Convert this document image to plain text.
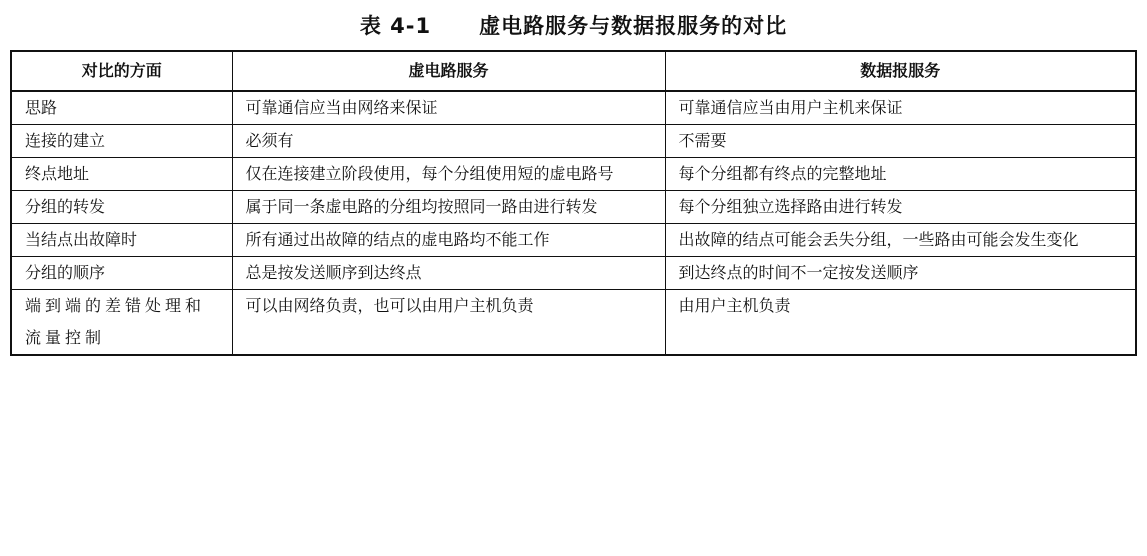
表 4-1 虚电路服务与数据报服务的对比
对比的方面	虚电路服务	数据报服务
思路	可靠通信应当由网络来保证	可靠通信应当由用户主机来保证
连接的建立	必须有	不需要
终点地址	仅在连接建立阶段使用，每个分组使用短的虚电路号	每个分组都有终点的完整地址
分组的转发	属于同一条虚电路的分组均按照同一路由进行转发	每个分组独立选择路由进行转发
当结点出故障时	所有通过出故障的结点的虚电路均不能工作	出故障的结点可能会丢失分组，一些路由可能会发生变化
分组的顺序	总是按发送顺序到达终点	到达终点的时间不一定按发送顺序
端到端的差错处理和流量控制	可以由网络负责，也可以由用户主机负责	由用户主机负责
